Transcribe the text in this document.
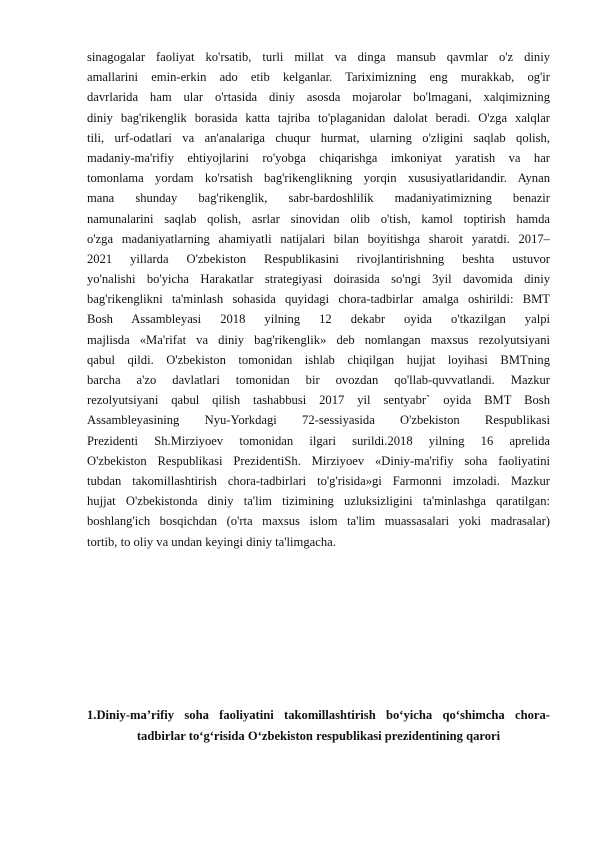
sinagogalar faoliyat ko'rsatib, turli millat va dinga mansub qavmlar o'z diniy
amallarini emin-erkin ado etib kelganlar. Tariximizning eng murakkab, og'ir
davrlarida ham ular o'rtasida diniy asosda mojarolar bo'lmagani, xalqimizning
diniy bag'rikenglik borasida katta tajriba to'plaganidan dalolat beradi. O'zga xalqlar
tili, urf-odatlari va an'analariga chuqur hurmat, ularning o'zligini saqlab qolish,
madaniy-ma'rifiy ehtiyojlarini ro'yobga chiqarishga imkoniyat yaratish va har
tomonlama yordam ko'rsatish bag'rikenglikning yorqin xususiyatlaridandir. Aynan
mana shunday bag'rikenglik, sabr-bardoshlilik madaniyatimizning benazir
namunalarini saqlab qolish, asrlar sinovidan olib o'tish, kamol toptirish hamda
o'zga madaniyatlarning ahamiyatli natijalari bilan boyitishga sharoit yaratdi. 2017–
2021 yillarda O'zbekiston Respublikasini rivojlantirishning beshta ustuvor
yo'nalishi bo'yicha Harakatlar strategiyasi doirasida so'ngi 3yil davomida diniy
bag'rikenglikni ta'minlash sohasida quyidagi chora-tadbirlar amalga oshirildi: BMT
Bosh Assambleyasi 2018 yilning 12 dekabr oyida o'tkazilgan yalpi
majlisda «Ma'rifat va diniy bag'rikenglik» deb nomlangan maxsus rezolyutsiyani
qabul qildi. O'zbekiston tomonidan ishlab chiqilgan hujjat loyihasi BMTning
barcha a'zo davlatlari tomonidan bir ovozdan qo'llab-quvvatlandi. Mazkur
rezolyutsiyani qabul qilish tashabbusi 2017 yil sentyabr` oyida BMT Bosh
Assambleyasining Nyu-Yorkdagi 72-sessiyasida O'zbekiston Respublikasi
Prezidenti Sh.Mirziyoev tomonidan ilgari surildi.2018 yilning 16 aprelida
O'zbekiston Respublikasi PrezidentiSh. Mirziyoev «Diniy-ma'rifiy soha faoliyatini
tubdan takomillashtirish chora-tadbirlari to'g'risida»gi Farmonni imzoladi. Mazkur
hujjat O'zbekistonda diniy ta'lim tizimining uzluksizligini ta'minlashga qaratilgan:
boshlang'ich bosqichdan (o'rta maxsus islom ta'lim muassasalari yoki madrasalar)
tortib, to oliy va undan keyingi diniy ta'limgacha.
1.Diniy-ma’rifiy soha faoliyatini takomillashtirish bo‘yicha qo‘shimcha chora-
tadbirlar to‘g‘risida O‘zbekiston respublikasi prezidentining qarori
